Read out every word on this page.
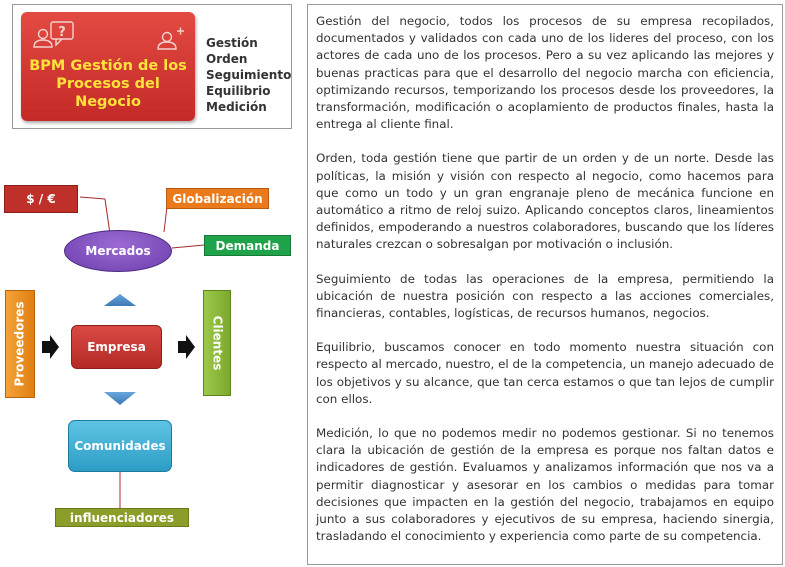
?
BPM Gestión de los Procesos del Negocio
Gestión
Orden
Seguimiento
Equilibrio
Medición
$ / €	Globalización
Demanda
Mercados
Proveedores	Empresa	Clientes
Comunidades
influenciadores

Gestión del negocio, todos los procesos de su empresa recopilados, documentados y validados con cada uno de los lideres del proceso, con los actores de cada uno de los procesos. Pero a su vez aplicando las mejores y buenas practicas para que el desarrollo del negocio marcha con eficiencia, optimizando recursos, temporizando los procesos desde los proveedores, la transformación, modificación o acoplamiento de productos finales, hasta la entrega al cliente final.

Orden, toda gestión tiene que partir de un orden y de un norte. Desde las políticas, la misión y visión con respecto al negocio, como hacemos para que como un todo y un gran engranaje pleno de mecánica funcione en automático a ritmo de reloj suizo. Aplicando conceptos claros, lineamientos definidos, empoderando a nuestros colaboradores, buscando que los líderes naturales crezcan o sobresalgan por motivación o inclusión.

Seguimiento de todas las operaciones de la empresa, permitiendo la ubicación de nuestra posición con respecto a las acciones comerciales, financieras, contables, logísticas, de recursos humanos, negocios.

Equilibrio, buscamos conocer en todo momento nuestra situación con respecto al mercado, nuestro, el de la competencia, un manejo adecuado de los objetivos y su alcance, que tan cerca estamos o que tan lejos de cumplir con ellos.

Medición, lo que no podemos medir no podemos gestionar. Si no tenemos clara la ubicación de gestión de la empresa es porque nos faltan datos e indicadores de gestión. Evaluamos y analizamos información que nos va a permitir diagnosticar y asesorar en los cambios o medidas para tomar decisiones que impacten en la gestión del negocio, trabajamos en equipo junto a sus colaboradores y ejecutivos de su empresa, haciendo sinergia, trasladando el conocimiento y experiencia como parte de su competencia.
